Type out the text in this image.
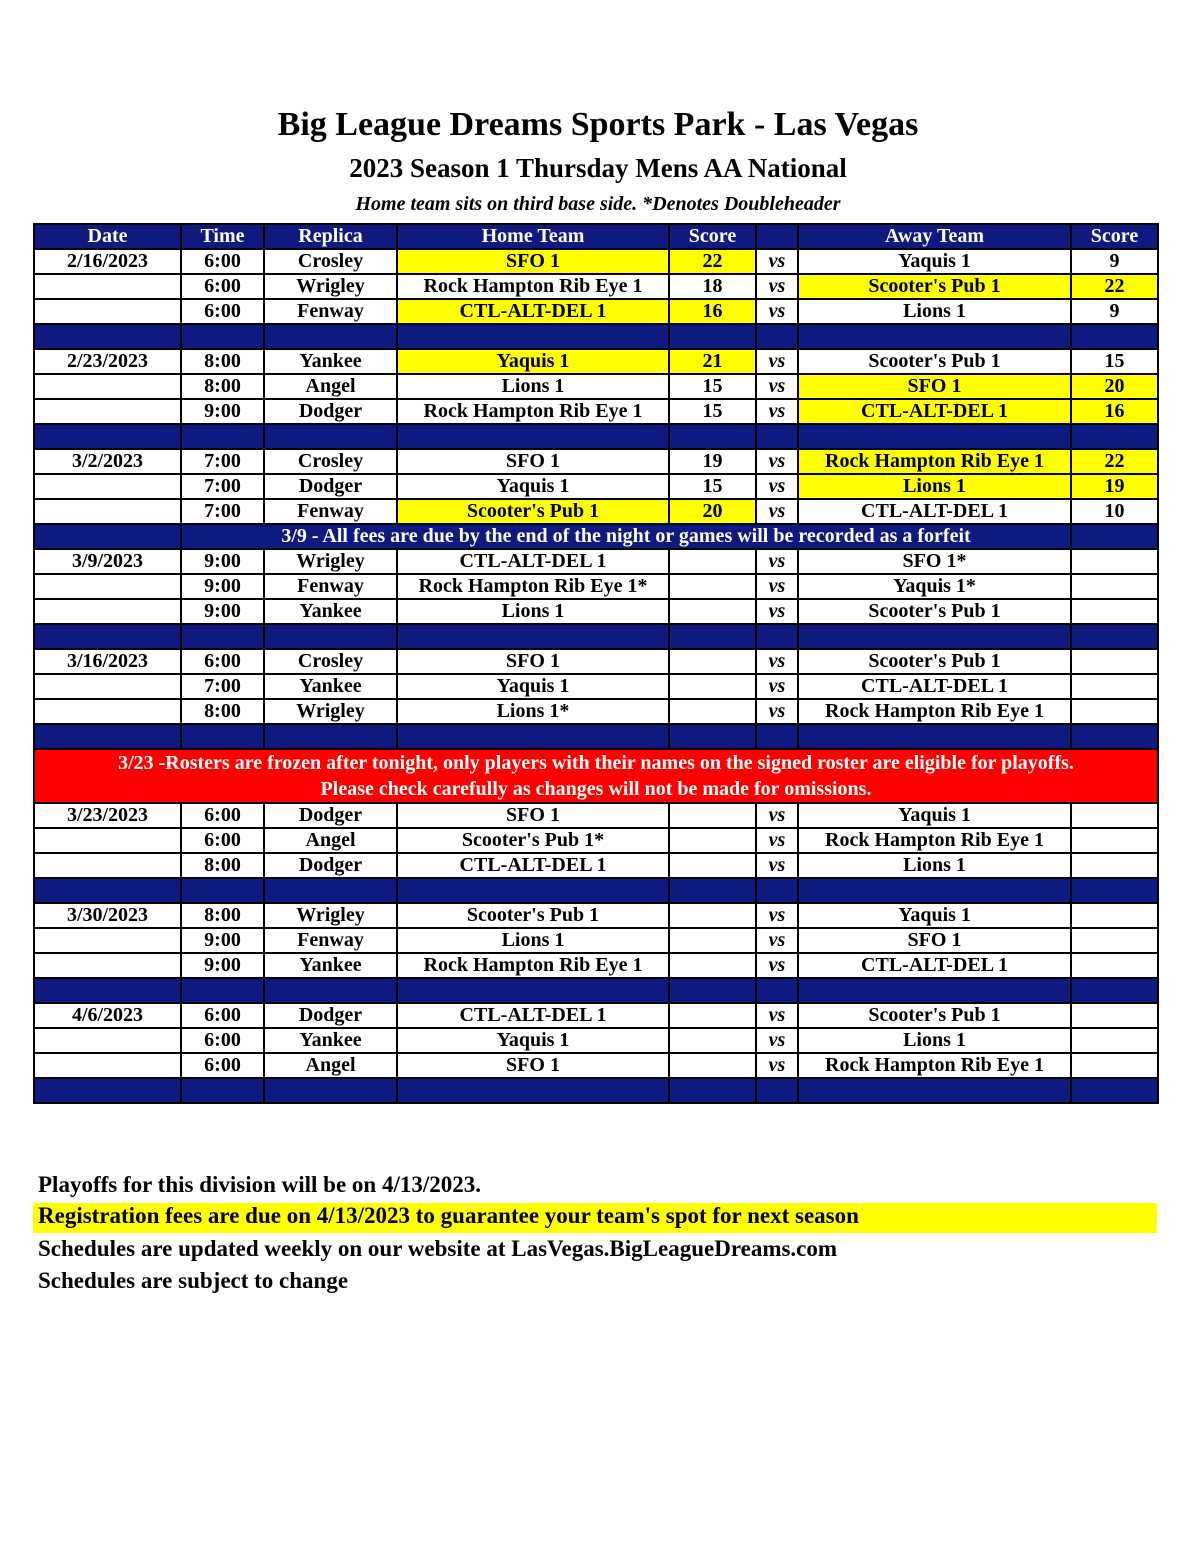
Big League Dreams Sports Park - Las Vegas
2023 Season 1 Thursday Mens AA National
Home team sits on third base side. *Denotes Doubleheader
Date	Time	Replica	Home Team	Score		Away Team	Score
2/16/2023	6:00	Crosley	SFO 1	22	vs	Yaquis 1	9
	6:00	Wrigley	Rock Hampton Rib Eye 1	18	vs	Scooter's Pub 1	22
	6:00	Fenway	CTL-ALT-DEL 1	16	vs	Lions 1	9

2/23/2023	8:00	Yankee	Yaquis 1	21	vs	Scooter's Pub 1	15
	8:00	Angel	Lions 1	15	vs	SFO 1	20
	9:00	Dodger	Rock Hampton Rib Eye 1	15	vs	CTL-ALT-DEL 1	16

3/2/2023	7:00	Crosley	SFO 1	19	vs	Rock Hampton Rib Eye 1	22
	7:00	Dodger	Yaquis 1	15	vs	Lions 1	19
	7:00	Fenway	Scooter's Pub 1	20	vs	CTL-ALT-DEL 1	10
	3/9 - All fees are due by the end of the night or games will be recorded as a forfeit						
3/9/2023	9:00	Wrigley	CTL-ALT-DEL 1		vs	SFO 1*	
	9:00	Fenway	Rock Hampton Rib Eye 1*		vs	Yaquis 1*	
	9:00	Yankee	Lions 1		vs	Scooter's Pub 1	

3/16/2023	6:00	Crosley	SFO 1		vs	Scooter's Pub 1	
	7:00	Yankee	Yaquis 1		vs	CTL-ALT-DEL 1	
	8:00	Wrigley	Lions 1*		vs	Rock Hampton Rib Eye 1	

3/23 -Rosters are frozen after tonight, only players with their names on the signed roster are eligible for playoffs.
Please check carefully as changes will not be made for omissions.							

3/23/2023	6:00	Dodger	SFO 1		vs	Yaquis 1	
	6:00	Angel	Scooter's Pub 1*		vs	Rock Hampton Rib Eye 1	
	8:00	Dodger	CTL-ALT-DEL 1		vs	Lions 1	

3/30/2023	8:00	Wrigley	Scooter's Pub 1		vs	Yaquis 1	
	9:00	Fenway	Lions 1		vs	SFO 1	
	9:00	Yankee	Rock Hampton Rib Eye 1		vs	CTL-ALT-DEL 1	

4/6/2023	6:00	Dodger	CTL-ALT-DEL 1		vs	Scooter's Pub 1	
	6:00	Yankee	Yaquis 1		vs	Lions 1	
	6:00	Angel	SFO 1		vs	Rock Hampton Rib Eye 1	

Playoffs for this division will be on 4/13/2023.
Registration fees are due on 4/13/2023 to guarantee your team's spot for next season
Schedules are updated weekly on our website at LasVegas.BigLeagueDreams.com
Schedules are subject to change
